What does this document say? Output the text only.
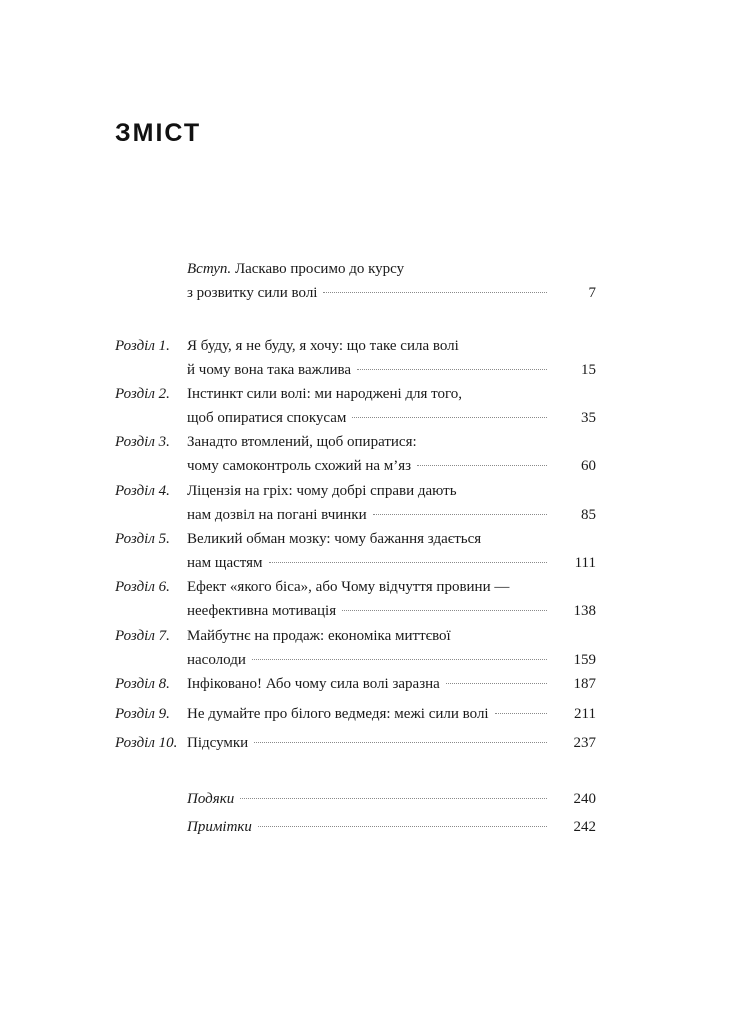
ЗМІСТ
Вступ. Ласкаво просимо до курсу
з розвитку сили волі	7
Розділ 1. Я буду, я не буду, я хочу: що таке сила волі
й чому вона така важлива	15
Розділ 2. Інстинкт сили волі: ми народжені для того,
щоб опиратися спокусам	35
Розділ 3. Занадто втомлений, щоб опиратися:
чому самоконтроль схожий на м’яз	60
Розділ 4. Ліцензія на гріх: чому добрі справи дають
нам дозвіл на погані вчинки	85
Розділ 5. Великий обман мозку: чому бажання здається
нам щастям	111
Розділ 6. Ефект «якого біса», або Чому відчуття провини —
неефективна мотивація	138
Розділ 7. Майбутнє на продаж: економіка миттєвої
насолоди	159
Розділ 8. Інфіковано! Або чому сила волі заразна	187
Розділ 9. Не думайте про білого ведмедя: межі сили волі	211
Розділ 10. Підсумки	237
Подяки	240
Примітки	242
